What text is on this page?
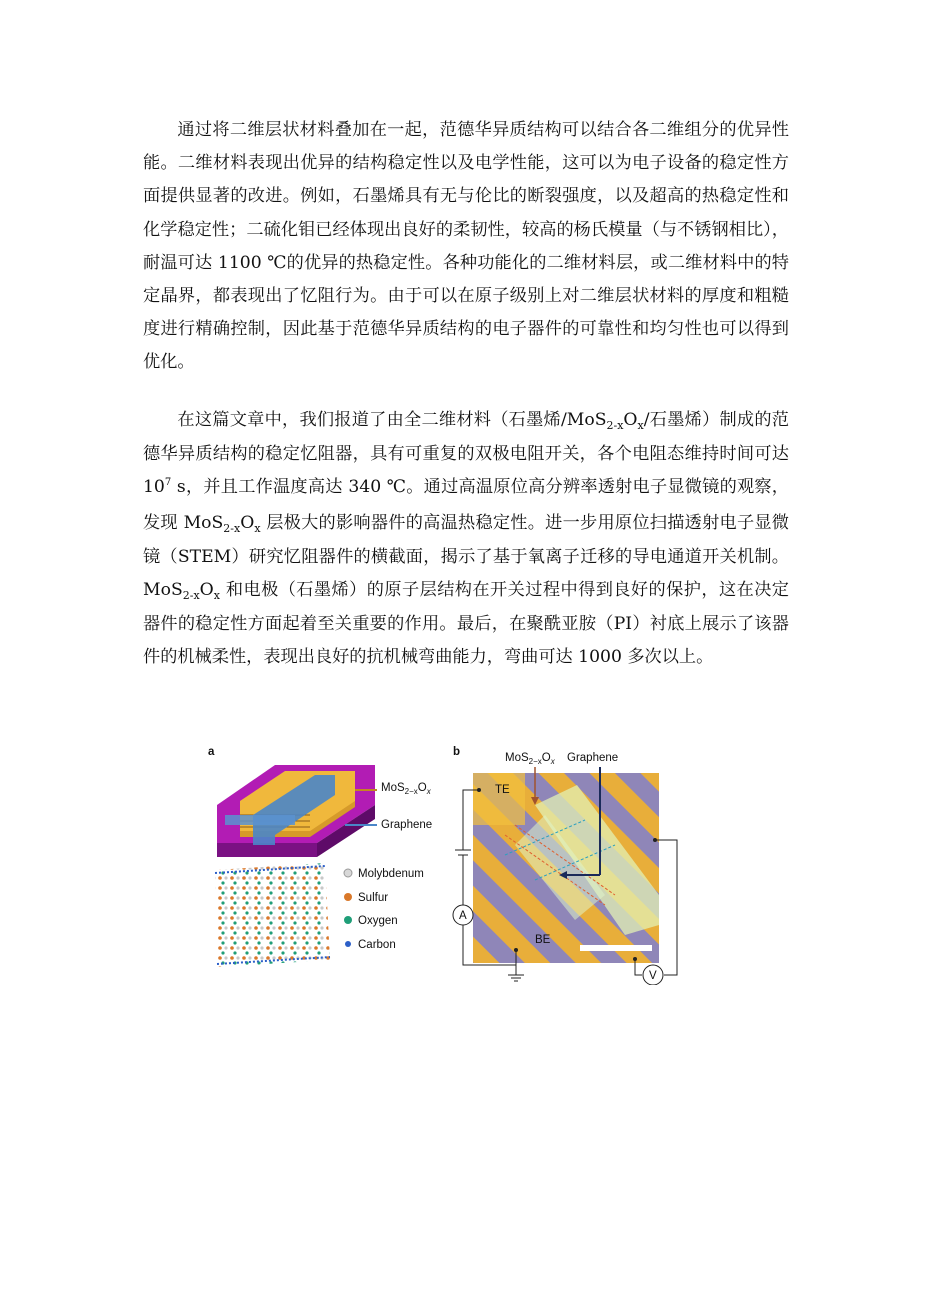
通过将二维层状材料叠加在一起，范德华异质结构可以结合各二维组分的优异性能。二维材料表现出优异的结构稳定性以及电学性能，这可以为电子设备的稳定性方面提供显著的改进。例如，石墨烯具有无与伦比的断裂强度，以及超高的热稳定性和化学稳定性；二硫化钼已经体现出良好的柔韧性，较高的杨氏模量（与不锈钢相比），耐温可达 1100 ℃的优异的热稳定性。各种功能化的二维材料层，或二维材料中的特定晶界，都表现出了忆阻行为。由于可以在原子级别上对二维层状材料的厚度和粗糙度进行精确控制，因此基于范德华异质结构的电子器件的可靠性和均匀性也可以得到优化。

在这篇文章中，我们报道了由全二维材料（石墨烯$/MoS_{2-x}O_x/$石墨烯）制成的范德华异质结构的稳定忆阻器，具有可重复的双极电阻开关，各个电阻态维持时间可达 $10^7$ s，并且工作温度高达 340 ℃。通过高温原位高分辨率透射电子显微镜的观察，发现 $MoS_{2-x}O_x$ 层极大的影响器件的高温热稳定性。进一步用原位扫描透射电子显微镜（STEM）研究忆阻器件的横截面，揭示了基于氧离子迁移的导电通道开关机制。$MoS_{2-x}O_x$ 和电极（石墨烯）的原子层结构在开关过程中得到良好的保护，这在决定器件的稳定性方面起着至关重要的作用。最后，在聚酰亚胺（PI）衬底上展示了该器件的机械柔性，表现出良好的抗机械弯曲能力，弯曲可达 1000 多次以上。

a
$MoS_{2-x}O_x$
Graphene
Molybdenum
Sulfur
Oxygen
Carbon
b	$MoS_{2-x}O_x$ Graphene
TE
BE
A
V
